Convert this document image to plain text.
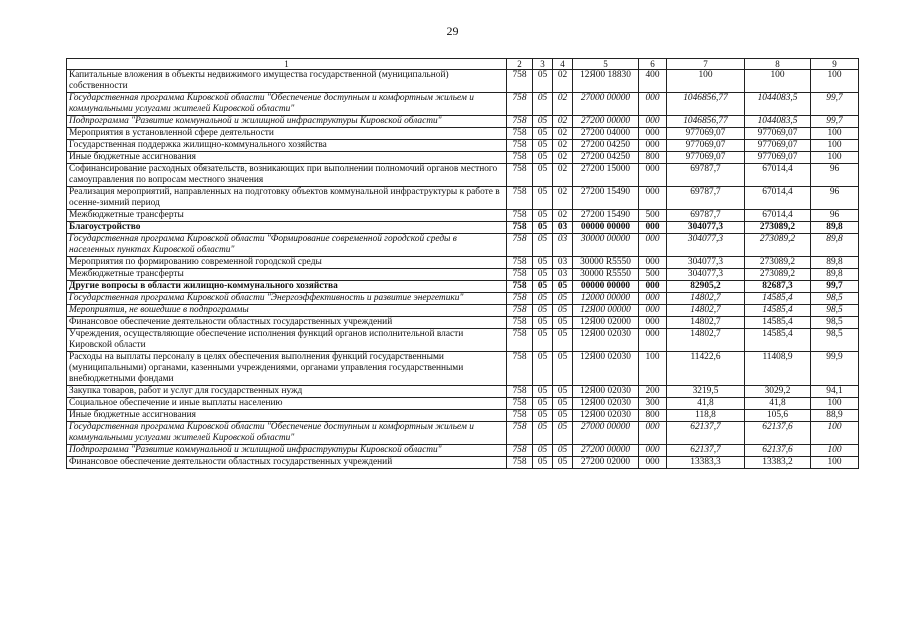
29
1	2	3	4	5	6	7	8	9
Капитальные вложения в объекты недвижимого имущества государственной (муниципальной) собственности	758	05	02	12Я00 18830	400	100	100	100
Государственная программа Кировской области "Обеспечение доступным и комфортным жильем и коммунальными услугами жителей Кировской области"	758	05	02	27000 00000	000	1046856,77	1044083,5	99,7
Подпрограмма "Развитие коммунальной и жилищной инфраструктуры Кировской области"	758	05	02	27200 00000	000	1046856,77	1044083,5	99,7
Мероприятия в установленной сфере деятельности	758	05	02	27200 04000	000	977069,07	977069,07	100
Государственная поддержка жилищно-коммунального хозяйства	758	05	02	27200 04250	000	977069,07	977069,07	100
Иные бюджетные ассигнования	758	05	02	27200 04250	800	977069,07	977069,07	100
Софинансирование расходных обязательств, возникающих при выполнении полномочий органов местного самоуправления по вопросам местного значения	758	05	02	27200 15000	000	69787,7	67014,4	96
Реализация мероприятий, направленных на подготовку объектов коммунальной инфраструктуры к работе в осенне-зимний период	758	05	02	27200 15490	000	69787,7	67014,4	96
Межбюджетные трансферты	758	05	02	27200 15490	500	69787,7	67014,4	96
Благоустройство	758	05	03	00000 00000	000	304077,3	273089,2	89,8
Государственная программа Кировской области "Формирование современной городской среды в населенных пунктах Кировской области"	758	05	03	30000 00000	000	304077,3	273089,2	89,8
Мероприятия по формированию современной городской среды	758	05	03	30000 R5550	000	304077,3	273089,2	89,8
Межбюджетные трансферты	758	05	03	30000 R5550	500	304077,3	273089,2	89,8
Другие вопросы в области жилищно-коммунального хозяйства	758	05	05	00000 00000	000	82905,2	82687,3	99,7
Государственная программа Кировской области "Энергоэффективность и развитие энергетики"	758	05	05	12000 00000	000	14802,7	14585,4	98,5
Мероприятия, не вошедшие в подпрограммы	758	05	05	12Я00 00000	000	14802,7	14585,4	98,5
Финансовое обеспечение деятельности областных государственных учреждений	758	05	05	12Я00 02000	000	14802,7	14585,4	98,5
Учреждения, осуществляющие обеспечение исполнения функций органов исполнительной власти Кировской области	758	05	05	12Я00 02030	000	14802,7	14585,4	98,5
Расходы на выплаты персоналу в целях обеспечения выполнения функций государственными (муниципальными) органами, казенными учреждениями, органами управления государственными внебюджетными фондами	758	05	05	12Я00 02030	100	11422,6	11408,9	99,9
Закупка товаров, работ и услуг для государственных нужд	758	05	05	12Я00 02030	200	3219,5	3029,2	94,1
Социальное обеспечение и иные выплаты населению	758	05	05	12Я00 02030	300	41,8	41,8	100
Иные бюджетные ассигнования	758	05	05	12Я00 02030	800	118,8	105,6	88,9
Государственная программа Кировской области "Обеспечение доступным и комфортным жильем и коммунальными услугами жителей Кировской области"	758	05	05	27000 00000	000	62137,7	62137,6	100
Подпрограмма "Развитие коммунальной и жилищной инфраструктуры Кировской области"	758	05	05	27200 00000	000	62137,7	62137,6	100
Финансовое обеспечение деятельности областных государственных учреждений	758	05	05	27200 02000	000	13383,3	13383,2	100
